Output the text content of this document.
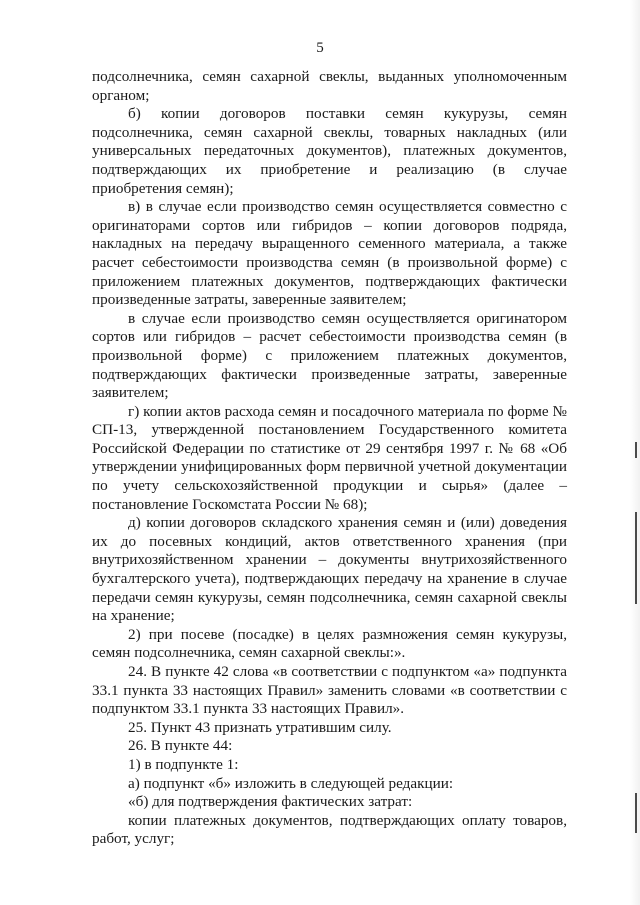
5

подсолнечника, семян сахарной свеклы, выданных уполномоченным органом;

б) копии договоров поставки семян кукурузы, семян подсолнечника, семян сахарной свеклы, товарных накладных (или универсальных передаточных документов), платежных документов, подтверждающих их приобретение и реализацию (в случае приобретения семян);

в) в случае если производство семян осуществляется совместно с оригинаторами сортов или гибридов – копии договоров подряда, накладных на передачу выращенного семенного материала, а также расчет себестоимости производства семян (в произвольной форме) с приложением платежных документов, подтверждающих фактически произведенные затраты, заверенные заявителем;

в случае если производство семян осуществляется оригинатором сортов или гибридов – расчет себестоимости производства семян (в произвольной форме) с приложением платежных документов, подтверждающих фактически произведенные затраты, заверенные заявителем;

г) копии актов расхода семян и посадочного материала по форме № СП-13, утвержденной постановлением Государственного комитета Российской Федерации по статистике от 29 сентября 1997 г. № 68 «Об утверждении унифицированных форм первичной учетной документации по учету сельскохозяйственной продукции и сырья» (далее – постановление Госкомстата России № 68);

д) копии договоров складского хранения семян и (или) доведения их до посевных кондиций, актов ответственного хранения (при внутрихозяйственном хранении – документы внутрихозяйственного бухгалтерского учета), подтверждающих передачу на хранение в случае передачи семян кукурузы, семян подсолнечника, семян сахарной свеклы на хранение;

2) при посеве (посадке) в целях размножения семян кукурузы, семян подсолнечника, семян сахарной свеклы:».

24. В пункте 42 слова «в соответствии с подпунктом «а» подпункта 33.1 пункта 33 настоящих Правил» заменить словами «в соответствии с подпунктом 33.1 пункта 33 настоящих Правил».

25. Пункт 43 признать утратившим силу.

26. В пункте 44:

1) в подпункте 1:

а) подпункт «б» изложить в следующей редакции:

«б) для подтверждения фактических затрат:

копии платежных документов, подтверждающих оплату товаров, работ, услуг;
